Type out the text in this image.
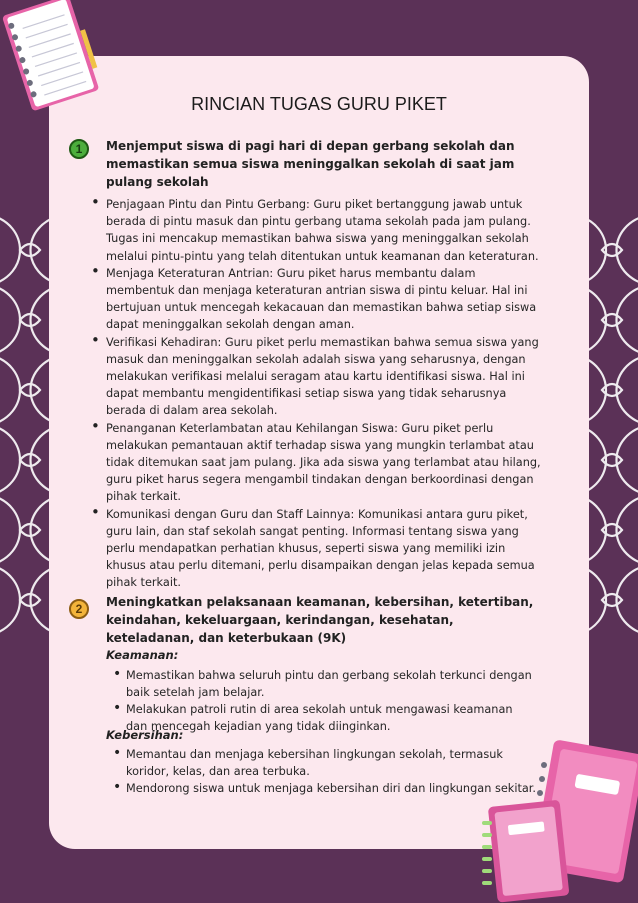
RINCIAN TUGAS GURU PIKET
1	Menjemput siswa di pagi hari di depan gerbang sekolah dan memastikan semua siswa meninggalkan sekolah di saat jam pulang sekolah
• Penjagaan Pintu dan Pintu Gerbang: Guru piket bertanggung jawab untuk berada di pintu masuk dan pintu gerbang utama sekolah pada jam pulang. Tugas ini mencakup memastikan bahwa siswa yang meninggalkan sekolah melalui pintu-pintu yang telah ditentukan untuk keamanan dan keteraturan.
• Menjaga Keteraturan Antrian: Guru piket harus membantu dalam membentuk dan menjaga keteraturan antrian siswa di pintu keluar. Hal ini bertujuan untuk mencegah kekacauan dan memastikan bahwa setiap siswa dapat meninggalkan sekolah dengan aman.
• Verifikasi Kehadiran: Guru piket perlu memastikan bahwa semua siswa yang masuk dan meninggalkan sekolah adalah siswa yang seharusnya, dengan melakukan verifikasi melalui seragam atau kartu identifikasi siswa. Hal ini dapat membantu mengidentifikasi setiap siswa yang tidak seharusnya berada di dalam area sekolah.
• Penanganan Keterlambatan atau Kehilangan Siswa: Guru piket perlu melakukan pemantauan aktif terhadap siswa yang mungkin terlambat atau tidak ditemukan saat jam pulang. Jika ada siswa yang terlambat atau hilang, guru piket harus segera mengambil tindakan dengan berkoordinasi dengan pihak terkait.
• Komunikasi dengan Guru dan Staff Lainnya: Komunikasi antara guru piket, guru lain, dan staf sekolah sangat penting. Informasi tentang siswa yang perlu mendapatkan perhatian khusus, seperti siswa yang memiliki izin khusus atau perlu ditemani, perlu disampaikan dengan jelas kepada semua pihak terkait.
2	Meningkatkan pelaksanaan keamanan, kebersihan, ketertiban, keindahan, kekeluargaan, kerindangan, kesehatan, keteladanan, dan keterbukaan (9K)
Keamanan:
• Memastikan bahwa seluruh pintu dan gerbang sekolah terkunci dengan baik setelah jam belajar.
• Melakukan patroli rutin di area sekolah untuk mengawasi keamanan dan mencegah kejadian yang tidak diinginkan.
Kebersihan:
• Memantau dan menjaga kebersihan lingkungan sekolah, termasuk koridor, kelas, dan area terbuka.
• Mendorong siswa untuk menjaga kebersihan diri dan lingkungan sekitar.
